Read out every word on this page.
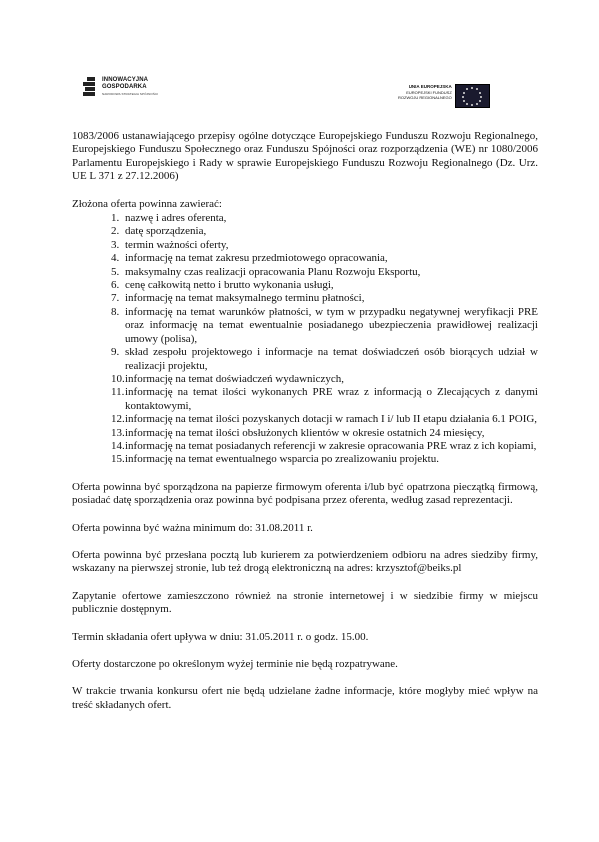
INNOWACYJNA
GOSPODARKA
NARODOWA STRATEGIA SPÓJNOŚCI
UNIA EUROPEJSKA
EUROPEJSKI FUNDUSZ
ROZWOJU REGIONALNEGO

1083/2006 ustanawiającego przepisy ogólne dotyczące Europejskiego Funduszu Rozwoju Regionalnego, Europejskiego Funduszu Społecznego oraz Funduszu Spójności oraz rozporządzenia (WE) nr 1080/2006 Parlamentu Europejskiego i Rady w sprawie Europejskiego Funduszu Rozwoju Regionalnego (Dz. Urz. UE L 371 z 27.12.2006)

Złożona oferta powinna zawierać:

1. nazwę i adres oferenta,
2. datę sporządzenia,
3. termin ważności oferty,
4. informację na temat zakresu przedmiotowego opracowania,
5. maksymalny czas realizacji opracowania Planu Rozwoju Eksportu,
6. cenę całkowitą netto i brutto wykonania usługi,
7. informację na temat maksymalnego terminu płatności,
8. informację na temat warunków płatności, w tym w przypadku negatywnej weryfikacji PRE oraz informację na temat ewentualnie posiadanego ubezpieczenia prawidłowej realizacji umowy (polisa),
9. skład zespołu projektowego i informacje na temat doświadczeń osób biorących udział w realizacji projektu,
10. informację na temat doświadczeń wydawniczych,
11. informację na temat ilości wykonanych PRE wraz z informacją o Zlecających z danymi kontaktowymi,
12. informację na temat ilości pozyskanych dotacji w ramach I i/ lub II etapu działania 6.1 POIG,
13. informację na temat ilości obsłużonych klientów w okresie ostatnich 24 miesięcy,
14. informację na temat posiadanych referencji w zakresie opracowania PRE wraz z ich kopiami,
15. informację na temat ewentualnego wsparcia po zrealizowaniu projektu.

Oferta powinna być sporządzona na papierze firmowym oferenta i/lub być opatrzona pieczątką firmową, posiadać datę sporządzenia oraz powinna być podpisana przez oferenta, według zasad reprezentacji.

Oferta powinna być ważna minimum do: 31.08.2011 r.

Oferta powinna być przesłana pocztą lub kurierem za potwierdzeniem odbioru na adres siedziby firmy, wskazany na pierwszej stronie, lub też drogą elektroniczną na adres: krzysztof@beiks.pl

Zapytanie ofertowe zamieszczono również na stronie internetowej i w siedzibie firmy w miejscu publicznie dostępnym.

Termin składania ofert upływa w dniu: 31.05.2011 r. o godz. 15.00.

Oferty dostarczone po określonym wyżej terminie nie będą rozpatrywane.

W trakcie trwania konkursu ofert nie będą udzielane żadne informacje, które mogłyby mieć wpływ na treść składanych ofert.
